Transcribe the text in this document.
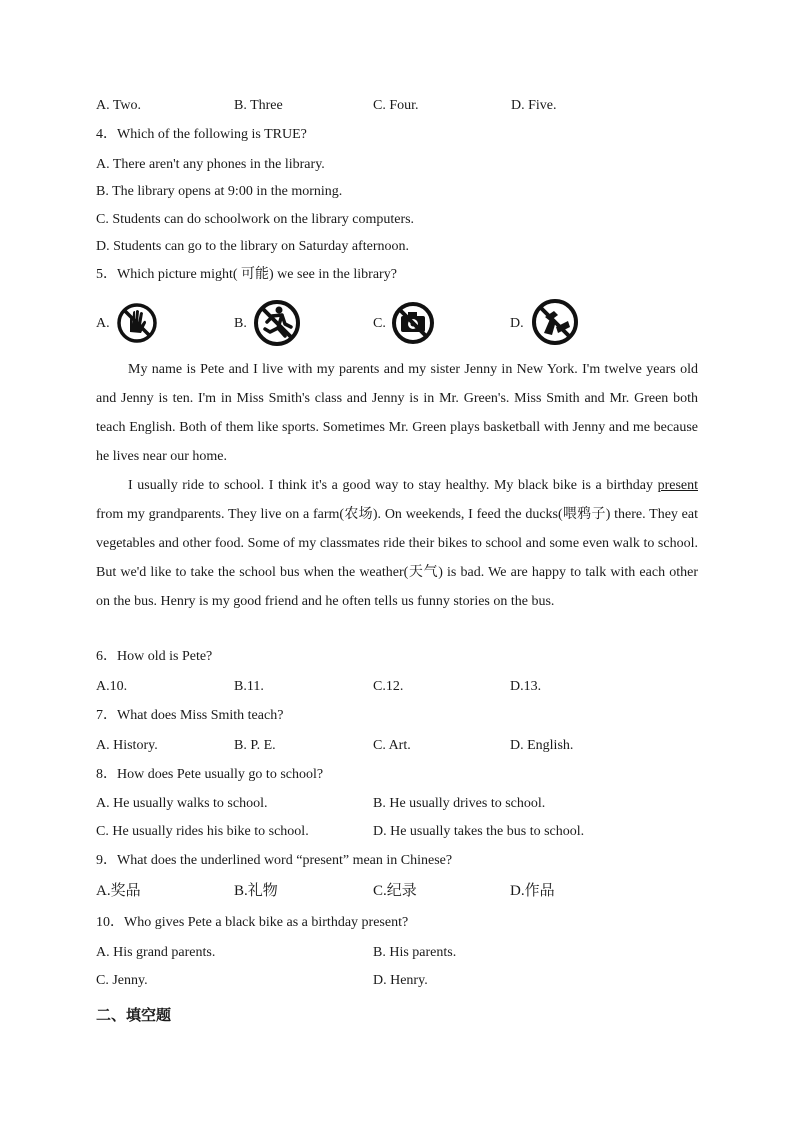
A. Two.	B. Three	C. Four.	D. Five.
4．Which of the following is TRUE?
A. There aren't any phones in the library.
B. The library opens at 9:00 in the morning.
C. Students can do schoolwork on the library computers.
D. Students can go to the library on Saturday afternoon.
5．Which picture might( 可能) we see in the library?
A.	B.	C.	D.

My name is Pete and I live with my parents and my sister Jenny in New York. I'm twelve years old and Jenny is ten. I'm in Miss Smith's class and Jenny is in Mr. Green's. Miss Smith and Mr. Green both teach English. Both of them like sports. Sometimes Mr. Green plays basketball with Jenny and me because he lives near our home.

I usually ride to school. I think it's a good way to stay healthy. My black bike is a birthday present from my grandparents. They live on a farm(农场). On weekends, I feed the ducks(喂鸦子) there. They eat vegetables and other food. Some of my classmates ride their bikes to school and some even walk to school. But we'd like to take the school bus when the weather(天气) is bad. We are happy to talk with each other on the bus. Henry is my good friend and he often tells us funny stories on the bus.

6．How old is Pete?
A.10.	B.11.	C.12.	D.13.
7．What does Miss Smith teach?
A. History.	B. P. E.	C. Art.	D. English.
8．How does Pete usually go to school?
A. He usually walks to school.	B. He usually drives to school.
C. He usually rides his bike to school.	D. He usually takes the bus to school.
9．What does the underlined word “present” mean in Chinese?
A.奖品	B.礼物	C.纪录	D.作品
10．Who gives Pete a black bike as a birthday present?
A. His grand parents.	B. His parents.
C. Jenny.	D. Henry.
二、填空题
